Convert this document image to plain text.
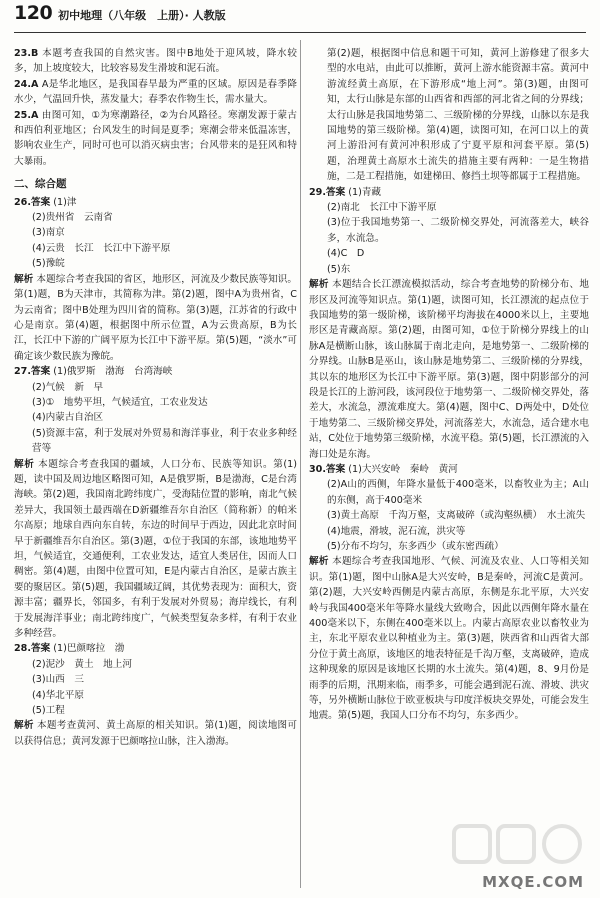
120 初中地理（八年级　上册）· 人教版

23.B 本题考查我国的自然灾害。图中B地处于迎风坡，降水较多，加上坡度较大，比较容易发生滑坡和泥石流。

24.A A是华北地区，是我国春旱最为严重的区域。原因是春季降水少，气温回升快，蒸发量大；春季农作物生长，需水量大。

25.A 由图可知，①为寒潮路径，②为台风路径。寒潮发源于蒙古和西伯利亚地区；台风发生的时间是夏季；寒潮会带来低温冻害，影响农业生产，同时可也可以消灭病虫害；台风带来的是狂风和特大暴雨。

二、综合题

26.答案 (1)津

(2)贵州省　云南省

(3)南京

(4)云贵　长江　长江中下游平原

(5)豫皖

解析 本题综合考查我国的省区，地形区，河流及少数民族等知识。第(1)题，B为天津市，其简称为津。第(2)题，图中A为贵州省，C为云南省；图中B处理为四川省的简称。第(3)题，江苏省的行政中心是南京。第(4)题，根据图中所示位置，A为云贵高原，B为长江，长江中下游的广阔平原为长江中下游平原。第(5)题，“淡水”可确定该少数民族为豫皖。

27.答案 (1)俄罗斯　渤海　台湾海峡

(2)气候　新　早

(3)①　地势平坦，气候适宜，工农业发达

(4)内蒙古自治区

(5)资源丰富，利于发展对外贸易和海洋事业，利于农业多种经营等

解析 本题综合考查我国的疆域，人口分布、民族等知识。第(1)题，读中国及周边地区略图可知，A是俄罗斯，B是渤海，C是台湾海峡。第(2)题，我国南北跨纬度广，受海陆位置的影响，南北气候差异大，我国领土最西端在D新疆维吾尔自治区（简称新）的帕米尔高原；地球自西向东自转，东边的时间早于西边，因此北京时间早于新疆维吾尔自治区。第(3)题，①位于我国的东部，该地地势平坦，气候适宜，交通便利，工农业发达，适宜人类居住，因而人口稠密。第(4)题，由图中位置可知，E是内蒙古自治区，是蒙古族主要的聚居区。第(5)题，我国疆域辽阔，其优势表现为：面积大，资源丰富；疆界长，邻国多，有利于发展对外贸易；海岸线长，有利于发展海洋事业；南北跨纬度广，气候类型复杂多样，有利于农业多种经营。

28.答案 (1)巴颜喀拉　渤

(2)泥沙　黄土　地上河

(3)山西　三

(4)华北平原

(5)工程

解析 本题考查黄河、黄土高原的相关知识。第(1)题，阅读地图可以获得信息；黄河发源于巴颜喀拉山脉，注入渤海。

第(2)题，根据图中信息和题干可知，黄河上游修建了很多大型的水电站，由此可以推断，黄河上游水能资源丰富。黄河中游流经黄土高原，在下游形成“地上河”。第(3)题，由图可知，太行山脉是东部的山西省和西部的河北省之间的分界线；太行山脉是我国地势第二、三级阶梯的分界线，山脉以东是我国地势的第三级阶梯。第(4)题，读图可知，在河口以上的黄河上游沿河有黄河冲积形成了宁夏平原和河套平原。第(5)题，治理黄土高原水土流失的措施主要有两种：一是生物措施，二是工程措施，如建梯田、修挡土坝等都属于工程措施。

29.答案 (1)青藏

(2)南北　长江中下游平原

(3)位于我国地势第一、二级阶梯交界处，河流落差大，峡谷多，水流急。

(4)C　D

(5)东

解析 本题结合长江漂流模拟活动，综合考查地势的阶梯分布、地形区及河流等知识点。第(1)题，读图可知，长江漂流的起点位于我国地势的第一级阶梯，该阶梯平均海拔在4000米以上，主要地形区是青藏高原。第(2)题，由图可知，①位于阶梯分界线上的山脉A是横断山脉，该山脉属于南北走向，是地势第一、二级阶梯的分界线。山脉B是巫山，该山脉是地势第二、三级阶梯的分界线，其以东的地形区为长江中下游平原。第(3)题，图中阴影部分的河段是长江的上游河段，该河段位于地势第一、二级阶梯交界处，落差大，水流急，漂流难度大。第(4)题，图中C、D两处中，D处位于地势第二、三级阶梯交界处，河流落差大，水流急，适合建水电站，C处位于地势第三级阶梯，水流平稳。第(5)题，长江漂流的入海口处是东海。

30.答案 (1)大兴安岭　秦岭　黄河

(2)A山的西侧，年降水量低于400毫米，以畜牧业为主；A山的东侧，高于400毫米

(3)黄土高原　千沟万壑，支离破碎（或沟壑纵横）　水土流失

(4)地震，滑坡，泥石流，洪灾等

(5)分布不均匀，东多西少（或东密西疏）

解析 本题综合考查我国地形、气候、河流及农业、人口等相关知识。第(1)题，图中山脉A是大兴安岭，B是秦岭，河流C是黄河。第(2)题，大兴安岭西侧是内蒙古高原，东侧是东北平原，大兴安岭与我国400毫米年等降水量线大致吻合，因此以西侧年降水量在400毫米以下，东侧在400毫米以上。内蒙古高原农业以畜牧业为主，东北平原农业以种植业为主。第(3)题，陕西省和山西省大部分位于黄土高原，该地区的地表特征是千沟万壑，支离破碎，造成这种现象的原因是该地区长期的水土流失。第(4)题，8、9月份是雨季的后期，汛期来临，雨季多，可能会遇到泥石流、滑坡、洪灾等，另外横断山脉位于欧亚板块与印度洋板块交界处，可能会发生地震。第(5)题，我国人口分布不均匀，东多西少。

MXQE.COM
